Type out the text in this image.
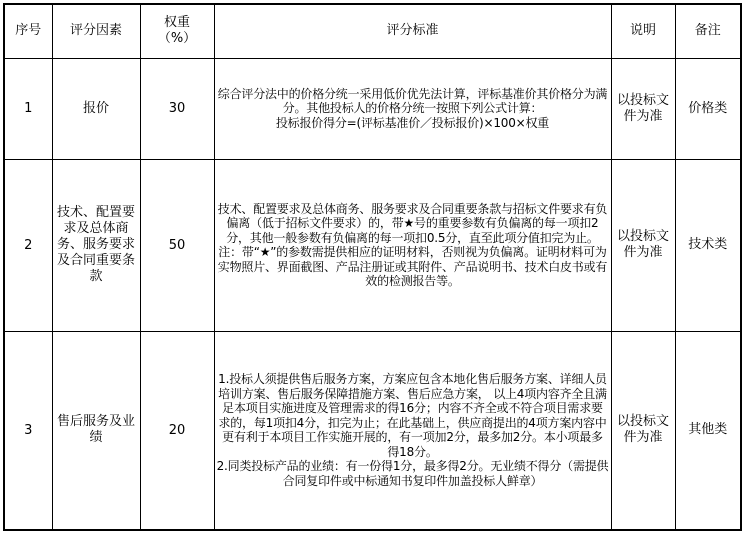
序号	评分因素	权重（%）	评分标准	说明	备注
1	报价	30	综合评分法中的价格分统一采用低价优先法计算，评标基准价其价格分为满分。其他投标人的价格分统一按照下列公式计算：

投标报价得分=(评标基准价／投标报价)×100×权重	以投标文件为准	价格类
2	技术、配置要求及总体商务、服务要求及合同重要条款	50	技术、配置要求及总体商务、服务要求及合同重要条款与招标文件要求有负偏离（低于招标文件要求）的，带★号的重要参数有负偏离的每一项扣2分，其他一般参数有负偏离的每一项扣0.5分，直至此项分值扣完为止。注：带“★”的参数需提供相应的证明材料，否则视为负偏离。证明材料可为实物照片、界面截图、产品注册证或其附件、产品说明书、技术白皮书或有效的检测报告等。	以投标文件为准	技术类
3	售后服务及业绩	20	1.投标人须提供售后服务方案，方案应包含本地化售后服务方案、详细人员培训方案、售后服务保障措施方案、售后应急方案， 以上4项内容齐全且满足本项目实施进度及管理需求的得16分；内容不齐全或不符合项目需求要求的，每1项扣4分，扣完为止；在此基础上，供应商提出的4项方案内容中更有利于本项目工作实施开展的，有一项加2分，最多加2分。本小项最多得18分。

2.同类投标产品的业绩：有一份得1分，最多得2分。无业绩不得分（需提供合同复印件或中标通知书复印件加盖投标人鲜章）	以投标文件为准	其他类
